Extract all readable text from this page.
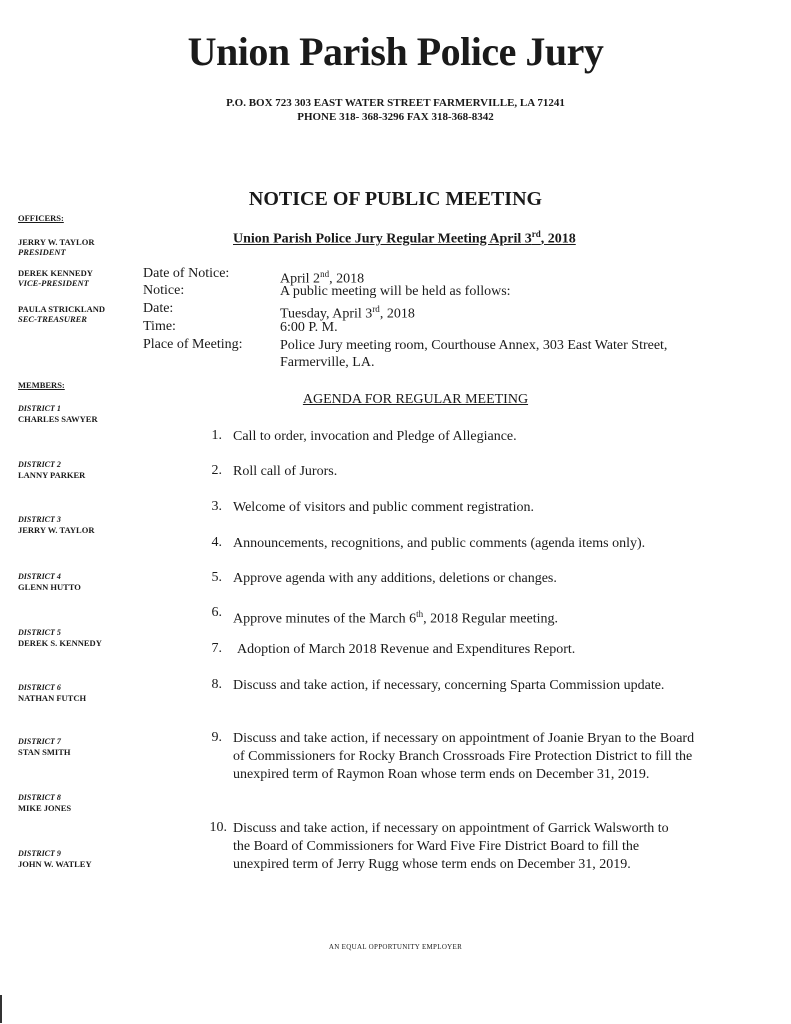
Union Parish Police Jury
P.O. BOX 723 303 EAST WATER STREET FARMERVILLE, LA 71241
PHONE 318- 368-3296 FAX 318-368-8342
NOTICE OF PUBLIC MEETING
Union Parish Police Jury Regular Meeting April 3rd, 2018
OFFICERS:
JERRY W. TAYLOR
PRESIDENT
DEREK KENNEDY
VICE-PRESIDENT
PAULA STRICKLAND
SEC-TREASURER
MEMBERS:
DISTRICT 1
CHARLES SAWYER
DISTRICT 2
LANNY PARKER
DISTRICT 3
JERRY W. TAYLOR
DISTRICT 4
GLENN HUTTO
DISTRICT 5
DEREK S. KENNEDY
DISTRICT 6
NATHAN FUTCH
DISTRICT 7
STAN SMITH
DISTRICT 8
MIKE JONES
DISTRICT 9
JOHN W. WATLEY
Date of Notice:	April 2nd, 2018
Notice:	A public meeting will be held as follows:
Date:	Tuesday, April 3rd, 2018
Time:	6:00 P. M.
Place of Meeting:	Police Jury meeting room, Courthouse Annex, 303 East Water Street, Farmerville, LA.
AGENDA FOR REGULAR MEETING
1. Call to order, invocation and Pledge of Allegiance.
2. Roll call of Jurors.
3. Welcome of visitors and public comment registration.
4. Announcements, recognitions, and public comments (agenda items only).
5. Approve agenda with any additions, deletions or changes.
6. Approve minutes of the March 6th, 2018 Regular meeting.
7. Adoption of March 2018 Revenue and Expenditures Report.
8. Discuss and take action, if necessary, concerning Sparta Commission update.
9. Discuss and take action, if necessary on appointment of Joanie Bryan to the Board of Commissioners for Rocky Branch Crossroads Fire Protection District to fill the unexpired term of Raymon Roan whose term ends on December 31, 2019.
10. Discuss and take action, if necessary on appointment of Garrick Walsworth to the Board of Commissioners for Ward Five Fire District Board to fill the unexpired term of Jerry Rugg whose term ends on December 31, 2019.
AN EQUAL OPPORTUNITY EMPLOYER
